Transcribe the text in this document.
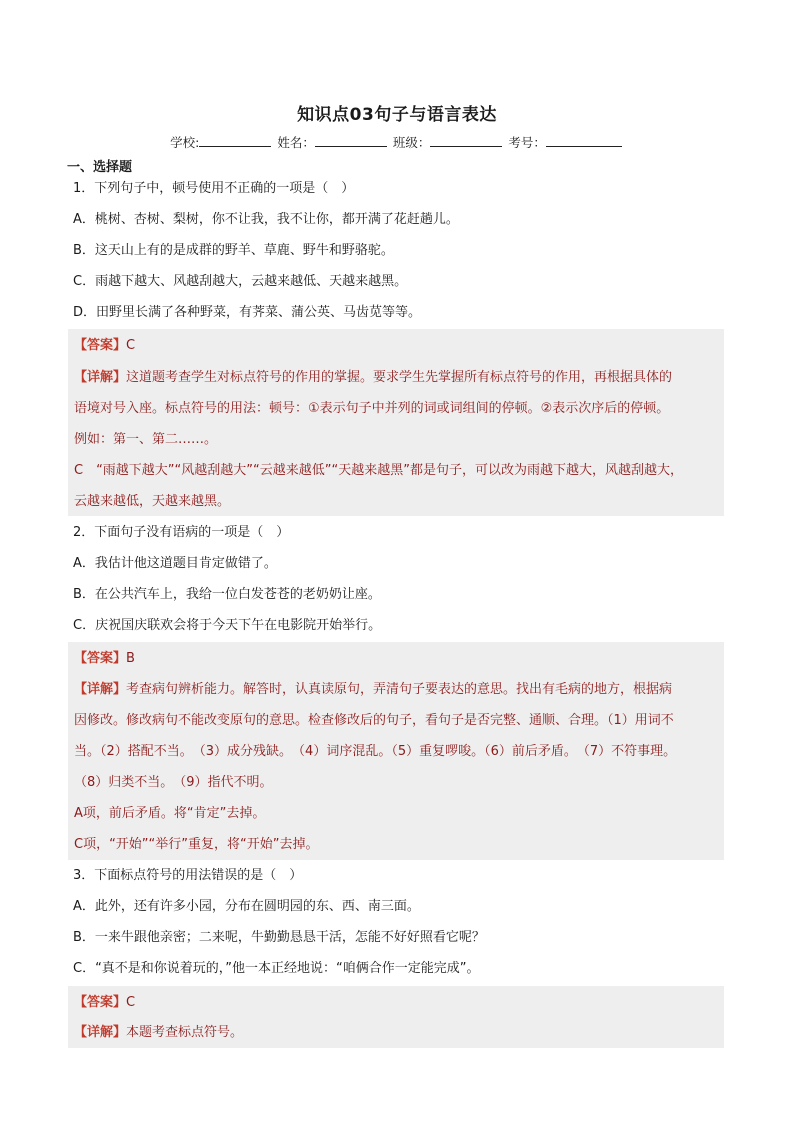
知识点03句子与语言表达
学校:	姓名：	班级：	考号：
一、选择题
1．下列句子中，顿号使用不正确的一项是（　）
A．桃树、杏树、梨树，你不让我，我不让你，都开满了花赶趟儿。
B．这天山上有的是成群的野羊、草鹿、野牛和野骆驼。
C．雨越下越大、风越刮越大，云越来越低、天越来越黑。
D．田野里长满了各种野菜，有荠菜、蒲公英、马齿苋等等。
【答案】C
【详解】这道题考查学生对标点符号的作用的掌握。要求学生先掌握所有标点符号的作用，再根据具体的
语境对号入座。标点符号的用法：顿号：①表示句子中并列的词或词组间的停顿。②表示次序后的停顿。
例如：第一、第二……。
C　“雨越下越大”“风越刮越大”“云越来越低”“天越来越黑”都是句子，可以改为雨越下越大，风越刮越大，
云越来越低，天越来越黑。
2．下面句子没有语病的一项是（　）
A．我估计他这道题目肯定做错了。
B．在公共汽车上，我给一位白发苍苍的老奶奶让座。
C．庆祝国庆联欢会将于今天下午在电影院开始举行。
【答案】B
【详解】考查病句辨析能力。解答时，认真读原句，弄清句子要表达的意思。找出有毛病的地方，根据病
因修改。修改病句不能改变原句的意思。检查修改后的句子，看句子是否完整、通顺、合理。（1）用词不
当。（2）搭配不当。　（3）成分残缺。　（4）词序混乱。（5）重复啰唆。（6）前后矛盾。　（7）不符事理。
（8）归类不当。　（9）指代不明。
A项，前后矛盾。将“肯定”去掉。
C项，“开始”“举行”重复，将“开始”去掉。
3．下面标点符号的用法错误的是（　）
A．此外，还有许多小园，分布在圆明园的东、西、南三面。
B．一来牛跟他亲密；二来呢，牛勤勤恳恳干活，怎能不好好照看它呢？
C．“真不是和你说着玩的，”他一本正经地说：“咱俩合作一定能完成”。
【答案】C
【详解】本题考查标点符号。
